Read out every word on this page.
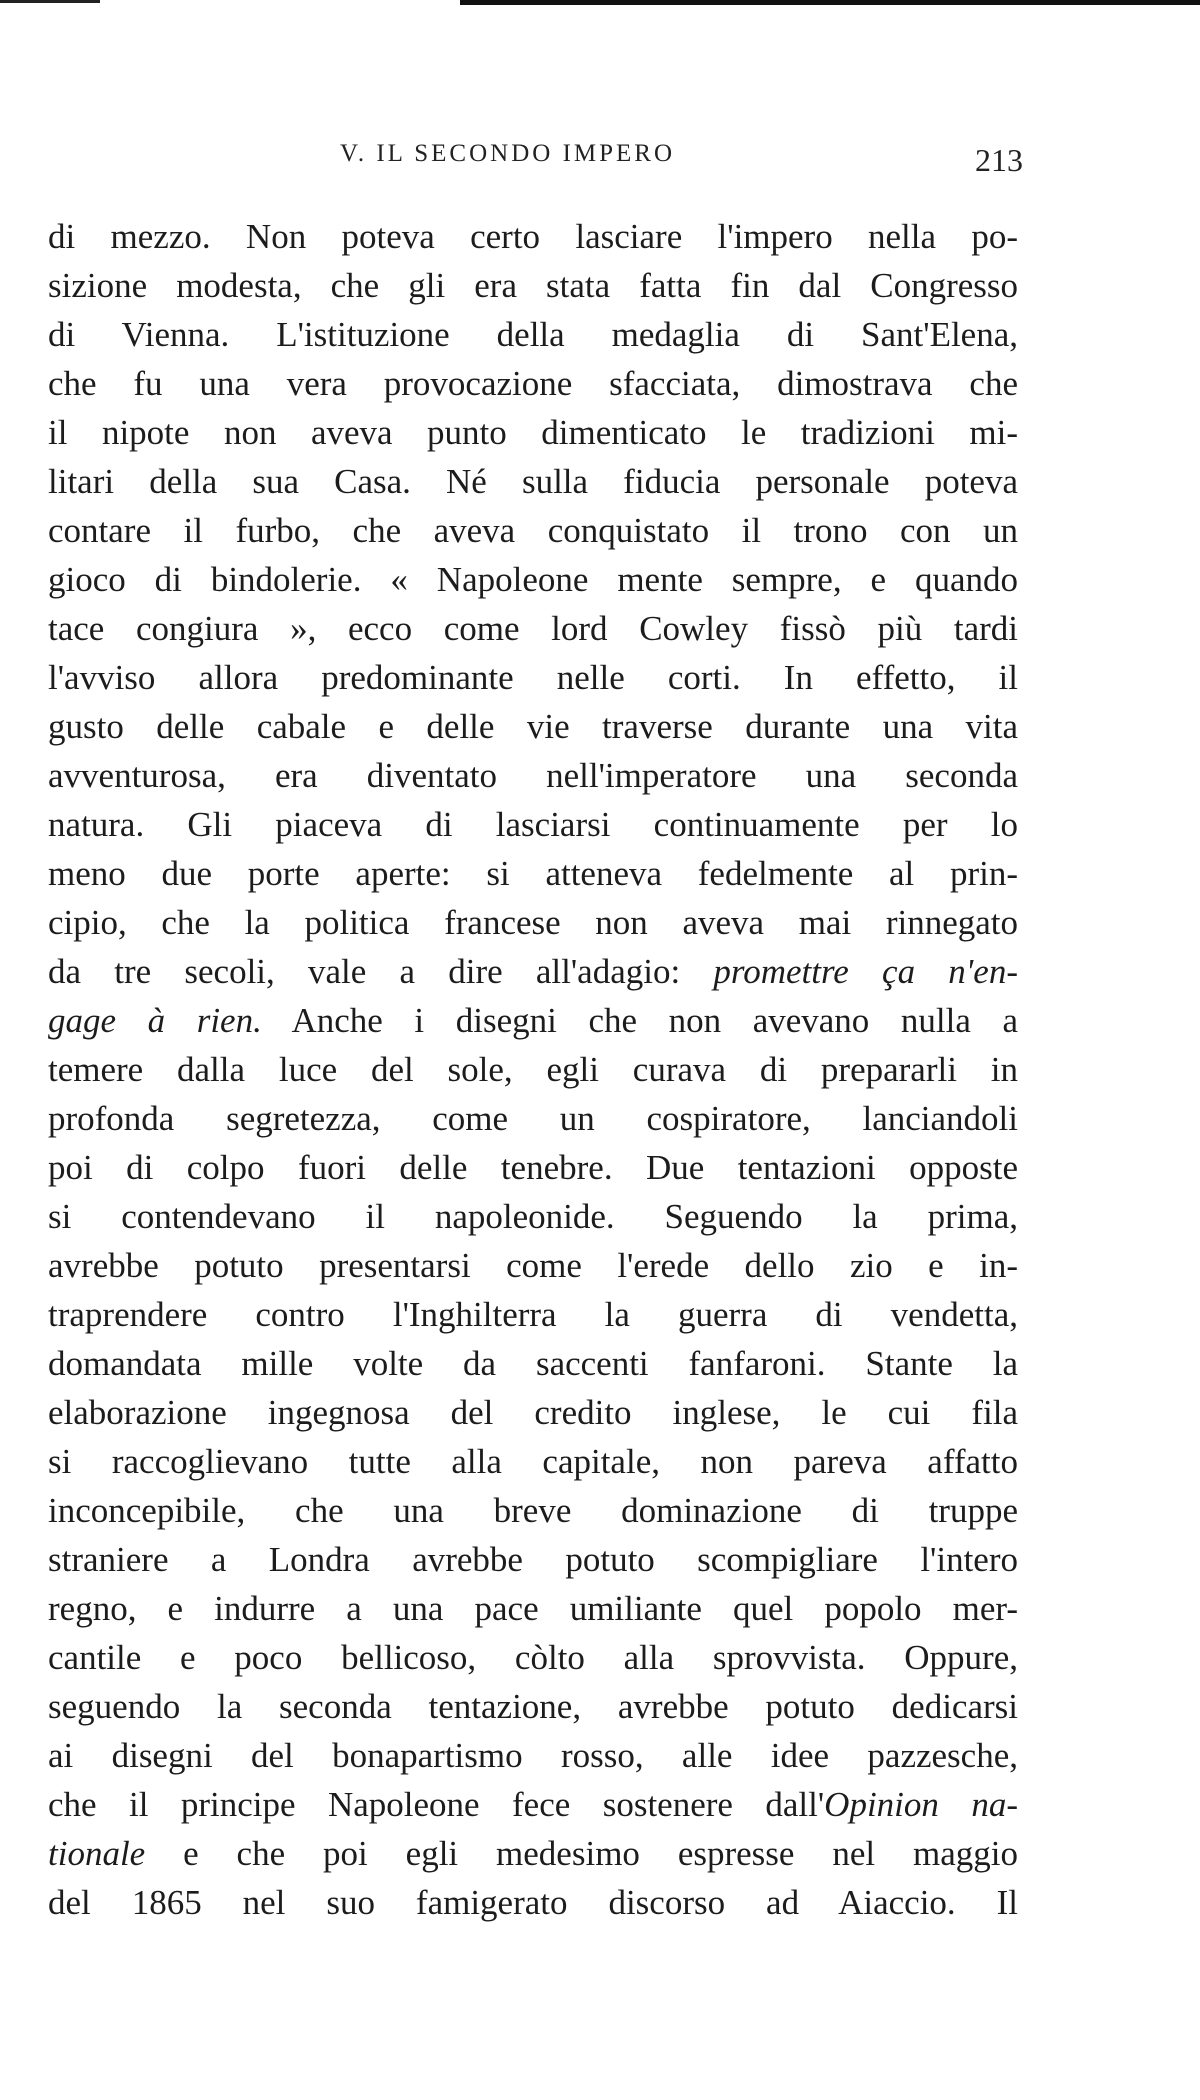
V. IL SECONDO IMPERO	213
di mezzo. Non poteva certo lasciare l'impero nella po-
sizione modesta, che gli era stata fatta fin dal Congresso
di Vienna. L'istituzione della medaglia di Sant'Elena,
che fu una vera provocazione sfacciata, dimostrava che
il nipote non aveva punto dimenticato le tradizioni mi-
litari della sua Casa. Né sulla fiducia personale poteva
contare il furbo, che aveva conquistato il trono con un
gioco di bindolerie. « Napoleone mente sempre, e quando
tace congiura », ecco come lord Cowley fissò più tardi
l'avviso allora predominante nelle corti. In effetto, il
gusto delle cabale e delle vie traverse durante una vita
avventurosa, era diventato nell'imperatore una seconda
natura. Gli piaceva di lasciarsi continuamente per lo
meno due porte aperte: si atteneva fedelmente al prin-
cipio, che la politica francese non aveva mai rinnegato
da tre secoli, vale a dire all'adagio: promettre ça n'en-
gage à rien. Anche i disegni che non avevano nulla a
temere dalla luce del sole, egli curava di prepararli in
profonda segretezza, come un cospiratore, lanciandoli
poi di colpo fuori delle tenebre. Due tentazioni opposte
si contendevano il napoleonide. Seguendo la prima,
avrebbe potuto presentarsi come l'erede dello zio e in-
traprendere contro l'Inghilterra la guerra di vendetta,
domandata mille volte da saccenti fanfaroni. Stante la
elaborazione ingegnosa del credito inglese, le cui fila
si raccoglievano tutte alla capitale, non pareva affatto
inconcepibile, che una breve dominazione di truppe
straniere a Londra avrebbe potuto scompigliare l'intero
regno, e indurre a una pace umiliante quel popolo mer-
cantile e poco bellicoso, còlto alla sprovvista. Oppure,
seguendo la seconda tentazione, avrebbe potuto dedicarsi
ai disegni del bonapartismo rosso, alle idee pazzesche,
che il principe Napoleone fece sostenere dall'Opinion na-
tionale e che poi egli medesimo espresse nel maggio
del 1865 nel suo famigerato discorso ad Aiaccio. Il
